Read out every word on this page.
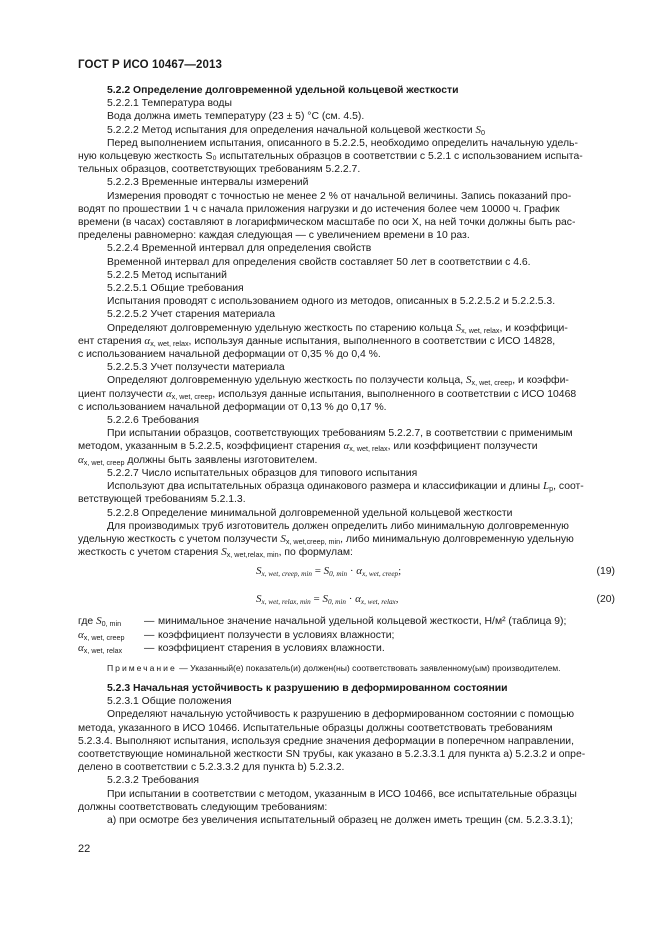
ГОСТ Р ИСО 10467—2013

5.2.2 Определение долговременной удельной кольцевой жесткости

5.2.2.1 Температура воды

Вода должна иметь температуру (23 ± 5) °C (см. 4.5).

5.2.2.2 Метод испытания для определения начальной кольцевой жесткости $S_0$

Перед выполнением испытания, описанного в 5.2.2.5, необходимо определить начальную удель-

ную кольцевую жесткость S₀ испытательных образцов в соответствии с 5.2.1 с использованием испыта-

тельных образцов, соответствующих требованиям 5.2.2.7.

5.2.2.3 Временные интервалы измерений

Измерения проводят с точностью не менее 2 % от начальной величины. Запись показаний про-

водят по прошествии 1 ч с начала приложения нагрузки и до истечения более чем 10000 ч. График

времени (в часах) составляют в логарифмическом масштабе по оси X, на ней точки должны быть рас-

пределены равномерно: каждая следующая — с увеличением времени в 10 раз.

5.2.2.4 Временной интервал для определения свойств

Временной интервал для определения свойств составляет 50 лет в соответствии с 4.6.

5.2.2.5 Метод испытаний

5.2.2.5.1 Общие требования

Испытания проводят с использованием одного из методов, описанных в 5.2.2.5.2 и 5.2.2.5.3.

5.2.2.5.2 Учет старения материала

Определяют долговременную удельную жесткость по старению кольца $S_{x, wet, relax}$, и коэффици-

ент старения $\alpha_{x, wet, relax}$, используя данные испытания, выполненного в соответствии с ИСО 14828,

с использованием начальной деформации от 0,35 % до 0,4 %.

5.2.2.5.3 Учет ползучести материала

Определяют долговременную удельную жесткость по ползучести кольца, $S_{x, wet, creep}$, и коэффи-

циент ползучести $\alpha_{x, wet, creep}$, используя данные испытания, выполненного в соответствии с ИСО 10468

с использованием начальной деформации от 0,13 % до 0,17 %.

5.2.2.6 Требования

При испытании образцов, соответствующих требованиям 5.2.2.7, в соответствии с применимым

методом, указанным в 5.2.2.5, коэффициент старения $\alpha_{x, wet, relax}$, или коэффициент ползучести

$\alpha_{x, wet, creep}$ должны быть заявлены изготовителем.

5.2.2.7 Число испытательных образцов для типового испытания

Используют два испытательных образца одинакового размера и классификации и длины $L_p$, соот-

ветствующей требованиям 5.2.1.3.

5.2.2.8 Определение минимальной долговременной удельной кольцевой жесткости

Для производимых труб изготовитель должен определить либо минимальную долговременную

удельную жесткость с учетом ползучести $S_{x, wet,creep, min}$, либо минимальную долговременную удельную

жесткость с учетом старения $S_{x, wet,relax, min}$, по формулам:

$S_{x, wet, creep, min} = S_{0, min} \cdot \alpha_{x, wet, creep}$;	(19)
$S_{x, wet, relax, min} = S_{0, min} \cdot \alpha_{x, wet, relax}$,	(20)
где $S_{0, min}$	— минимальное значение начальной удельной кольцевой жесткости, Н/м² (таблица 9);
$\alpha_{x, wet, creep}$	— коэффициент ползучести в условиях влажности;
$\alpha_{x, wet, relax}$	— коэффициент старения в условиях влажности.

Примечание — Указанный(е) показатель(и) должен(ны) соответствовать заявленному(ым) производителем.

5.2.3 Начальная устойчивость к разрушению в деформированном состоянии

5.2.3.1 Общие положения

Определяют начальную устойчивость к разрушению в деформированном состоянии с помощью

метода, указанного в ИСО 10466. Испытательные образцы должны соответствовать требованиям

5.2.3.4. Выполняют испытания, используя средние значения деформации в поперечном направлении,

соответствующие номинальной жесткости SN трубы, как указано в 5.2.3.3.1 для пункта а) 5.2.3.2 и опре-

делено в соответствии с 5.2.3.3.2 для пункта b) 5.2.3.2.

5.2.3.2 Требования

При испытании в соответствии с методом, указанным в ИСО 10466, все испытательные образцы

должны соответствовать следующим требованиям:

а) при осмотре без увеличения испытательный образец не должен иметь трещин (см. 5.2.3.3.1);

22
